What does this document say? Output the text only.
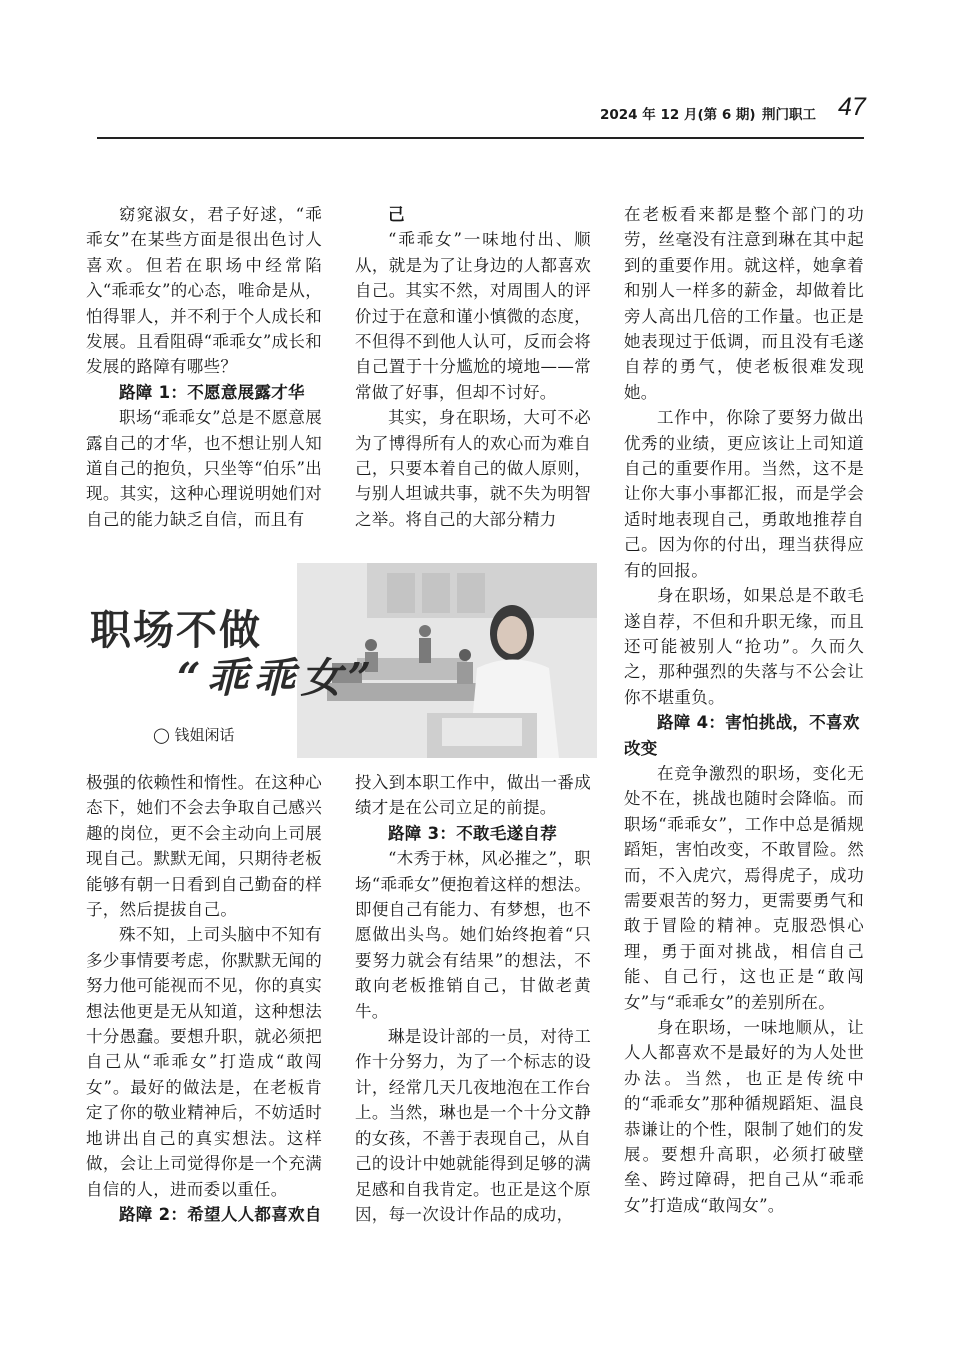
2024 年 12 月(第 6 期) 荆门职工 47

窈窕淑女，君子好逑，“乖乖女”在某些方面是很出色讨人喜欢。但若在职场中经常陷入“乖乖女”的心态，唯命是从，怕得罪人，并不利于个人成长和发展。且看阻碍“乖乖女”成长和发展的路障有哪些？

路障 1：不愿意展露才华

职场“乖乖女”总是不愿意展露自己的才华，也不想让别人知道自己的抱负，只坐等“伯乐”出现。其实，这种心理说明她们对自己的能力缺乏自信，而且有

极强的依赖性和惰性。在这种心态下，她们不会去争取自己感兴趣的岗位，更不会主动向上司展现自己。默默无闻，只期待老板能够有朝一日看到自己勤奋的样子，然后提拔自己。

殊不知，上司头脑中不知有多少事情要考虑，你默默无闻的努力他可能视而不见，你的真实想法他更是无从知道，这种想法十分愚蠢。要想升职，就必须把自己从“乖乖女”打造成“敢闯女”。最好的做法是，在老板肯定了你的敬业精神后，不妨适时地讲出自己的真实想法。这样做，会让上司觉得你是一个充满自信的人，进而委以重任。

路障 2：希望人人都喜欢自
己

“乖乖女”一味地付出、顺从，就是为了让身边的人都喜欢自己。其实不然，对周围人的评价过于在意和谨小慎微的态度，不但得不到他人认可，反而会将自己置于十分尴尬的境地——常常做了好事，但却不讨好。

其实，身在职场，大可不必为了博得所有人的欢心而为难自己，只要本着自己的做人原则，与别人坦诚共事，就不失为明智之举。将自己的大部分精力

投入到本职工作中，做出一番成绩才是在公司立足的前提。

路障 3：不敢毛遂自荐

“木秀于林，风必摧之”，职场“乖乖女”便抱着这样的想法。即便自己有能力、有梦想，也不愿做出头鸟。她们始终抱着“只要努力就会有结果”的想法，不敢向老板推销自己，甘做老黄牛。

琳是设计部的一员，对待工作十分努力，为了一个标志的设计，经常几天几夜地泡在工作台上。当然，琳也是一个十分文静的女孩，不善于表现自己，从自己的设计中她就能得到足够的满足感和自我肯定。也正是这个原因，每一次设计作品的成功，

在老板看来都是整个部门的功劳，丝毫没有注意到琳在其中起到的重要作用。就这样，她拿着和别人一样多的薪金，却做着比旁人高出几倍的工作量。也正是她表现过于低调，而且没有毛遂自荐的勇气，使老板很难发现她。

工作中，你除了要努力做出优秀的业绩，更应该让上司知道自己的重要作用。当然，这不是让你大事小事都汇报，而是学会适时地表现自己，勇敢地推荐自己。因为你的付出，理当获得应有的回报。

身在职场，如果总是不敢毛遂自荐，不但和升职无缘，而且还可能被别人“抢功”。久而久之，那种强烈的失落与不公会让你不堪重负。

路障 4：害怕挑战，不喜欢改变

在竞争激烈的职场，变化无处不在，挑战也随时会降临。而职场“乖乖女”，工作中总是循规蹈矩，害怕改变，不敢冒险。然而，不入虎穴，焉得虎子，成功需要艰苦的努力，更需要勇气和敢于冒险的精神。克服恐惧心理，勇于面对挑战，相信自己能、自己行，这也正是“敢闯女”与“乖乖女”的差别所在。

身在职场，一味地顺从，让人人都喜欢不是最好的为人处世办法。当然，也正是传统中的“乖乖女”那种循规蹈矩、温良恭谦让的个性，限制了她们的发展。要想升高职，必须打破壁垒、跨过障碍，把自己从“乖乖女”打造成“敢闯女”。

职场不做
“乖乖女”
◯ 钱姐闲话
